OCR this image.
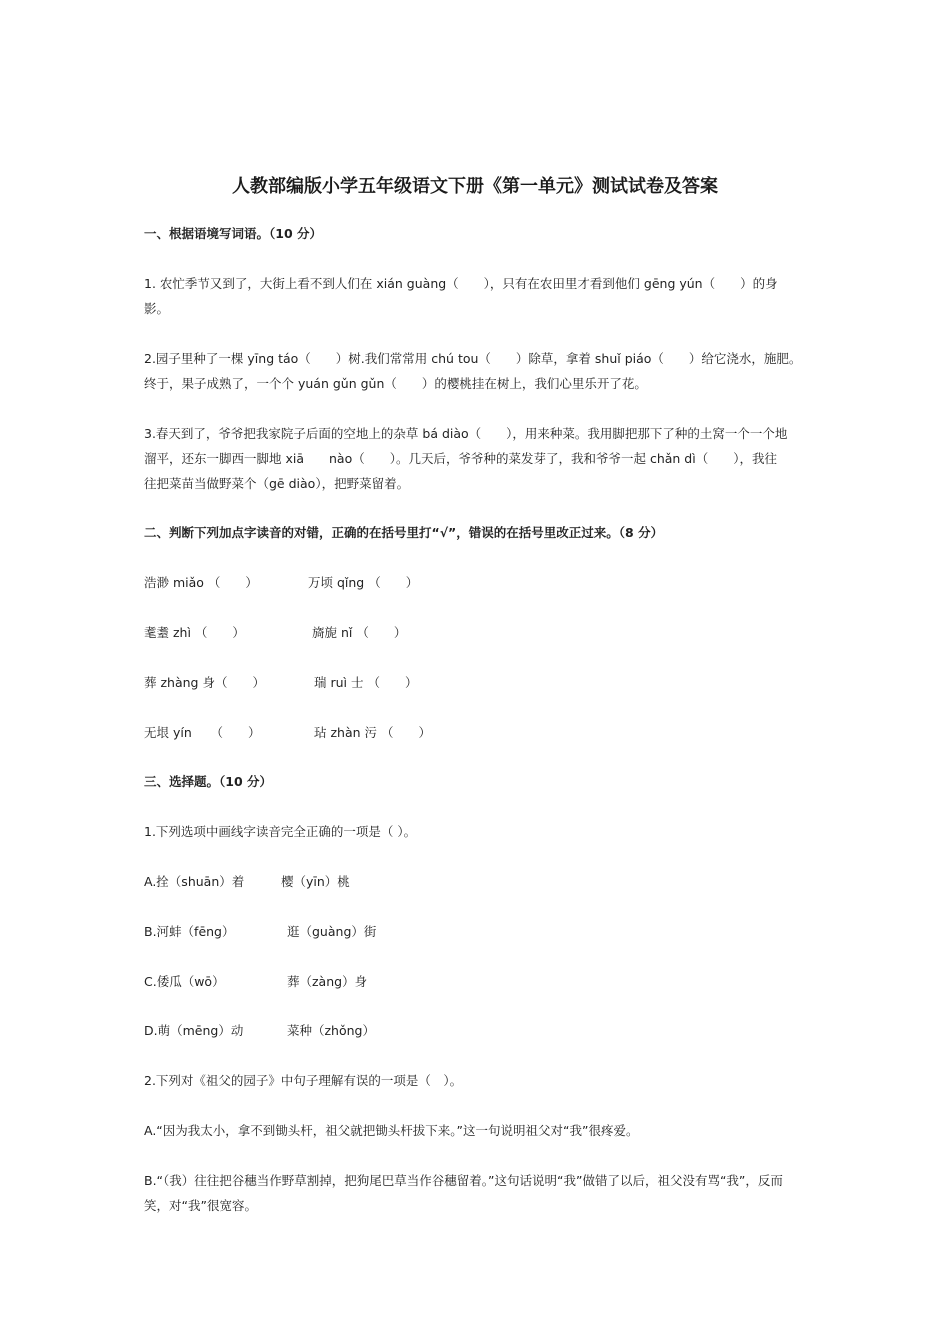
人教部编版小学五年级语文下册《第一单元》测试试卷及答案
一、根据语境写词语。（10 分）
1. 农忙季节又到了，大街上看不到人们在 xián guàng（　　），只有在农田里才看到他们 gēng yún（　　）的身
影。
2.园子里种了一棵 yīng táo（　　）树.我们常常用 chú tou（　　）除草，拿着 shuǐ piáo（　　）给它浇水，施肥。
终于，果子成熟了，一个个 yuán gǔn gǔn（　　）的樱桃挂在树上，我们心里乐开了花。
3.春天到了，爷爷把我家院子后面的空地上的杂草 bá diào（　　），用来种菜。我用脚把那下了种的土窝一个一个地
溜平，还东一脚西一脚地 xiā　　nào（　　）。几天后，爷爷种的菜发芽了，我和爷爷一起 chǎn dì（　　），我往
往把菜苗当做野菜个（gē diào），把野菜留着。
二、判断下列加点字读音的对错，正确的在括号里打“√”，错误的在括号里改正过来。（8 分）
浩渺 miǎo （　　）	万顷 qǐng （　　）
耄耋 zhì （　　）	旖旎 nǐ （　　）
葬 zhàng 身（　　）	瑞 ruì 士 （　　）
无垠 yín　　（　　）	玷 zhàn 污 （　　）
三、选择题。（10 分）
1.下列选项中画线字读音完全正确的一项是（ ）。
A.拴（shuān）着	樱（yīn）桃
B.河蚌（fēng）	逛（guàng）街
C.倭瓜（wō）	葬（zàng）身
D.萌（mēng）动	菜种（zhǒng）
2.下列对《祖父的园子》中句子理解有误的一项是（　）。
A.“因为我太小，拿不到锄头杆，祖父就把锄头杆拔下来。”这一句说明祖父对“我”很疼爱。
B.“（我）往往把谷穗当作野草割掉，把狗尾巴草当作谷穗留着。”这句话说明“我”做错了以后，祖父没有骂“我”，反而
笑，对“我”很宽容。
